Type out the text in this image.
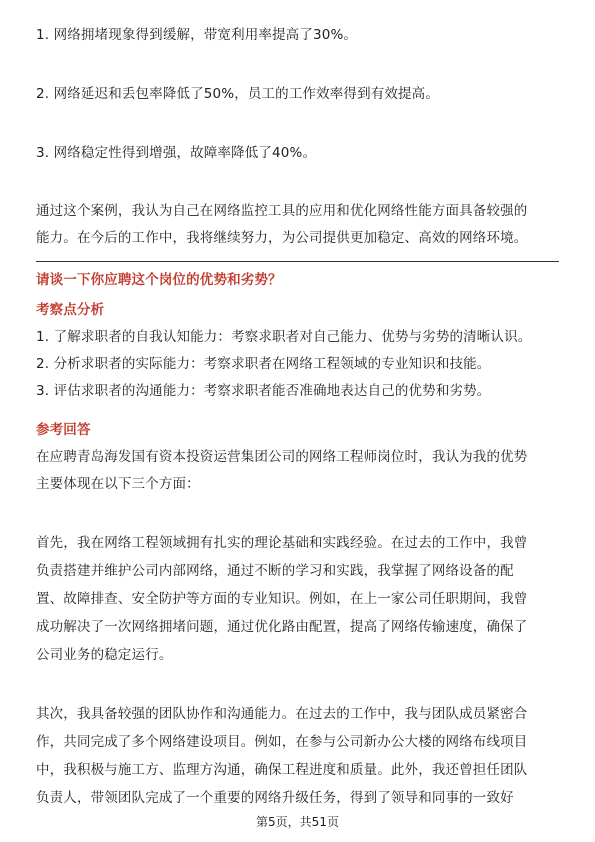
1. 网络拥堵现象得到缓解，带宽利用率提高了30%。
2. 网络延迟和丢包率降低了50%，员工的工作效率得到有效提高。
3. 网络稳定性得到增强，故障率降低了40%。
通过这个案例，我认为自己在网络监控工具的应用和优化网络性能方面具备较强的
能力。在今后的工作中，我将继续努力，为公司提供更加稳定、高效的网络环境。
请谈一下你应聘这个岗位的优势和劣势？
考察点分析
1. 了解求职者的自我认知能力：考察求职者对自己能力、优势与劣势的清晰认识。
2. 分析求职者的实际能力：考察求职者在网络工程领域的专业知识和技能。
3. 评估求职者的沟通能力：考察求职者能否准确地表达自己的优势和劣势。
参考回答
在应聘青岛海发国有资本投资运营集团公司的网络工程师岗位时，我认为我的优势
主要体现在以下三个方面：
首先，我在网络工程领域拥有扎实的理论基础和实践经验。在过去的工作中，我曾
负责搭建并维护公司内部网络，通过不断的学习和实践，我掌握了网络设备的配
置、故障排查、安全防护等方面的专业知识。例如，在上一家公司任职期间，我曾
成功解决了一次网络拥堵问题，通过优化路由配置，提高了网络传输速度，确保了
公司业务的稳定运行。
其次，我具备较强的团队协作和沟通能力。在过去的工作中，我与团队成员紧密合
作，共同完成了多个网络建设项目。例如，在参与公司新办公大楼的网络布线项目
中，我积极与施工方、监理方沟通，确保工程进度和质量。此外，我还曾担任团队
负责人，带领团队完成了一个重要的网络升级任务，得到了领导和同事的一致好
第5页，共51页
